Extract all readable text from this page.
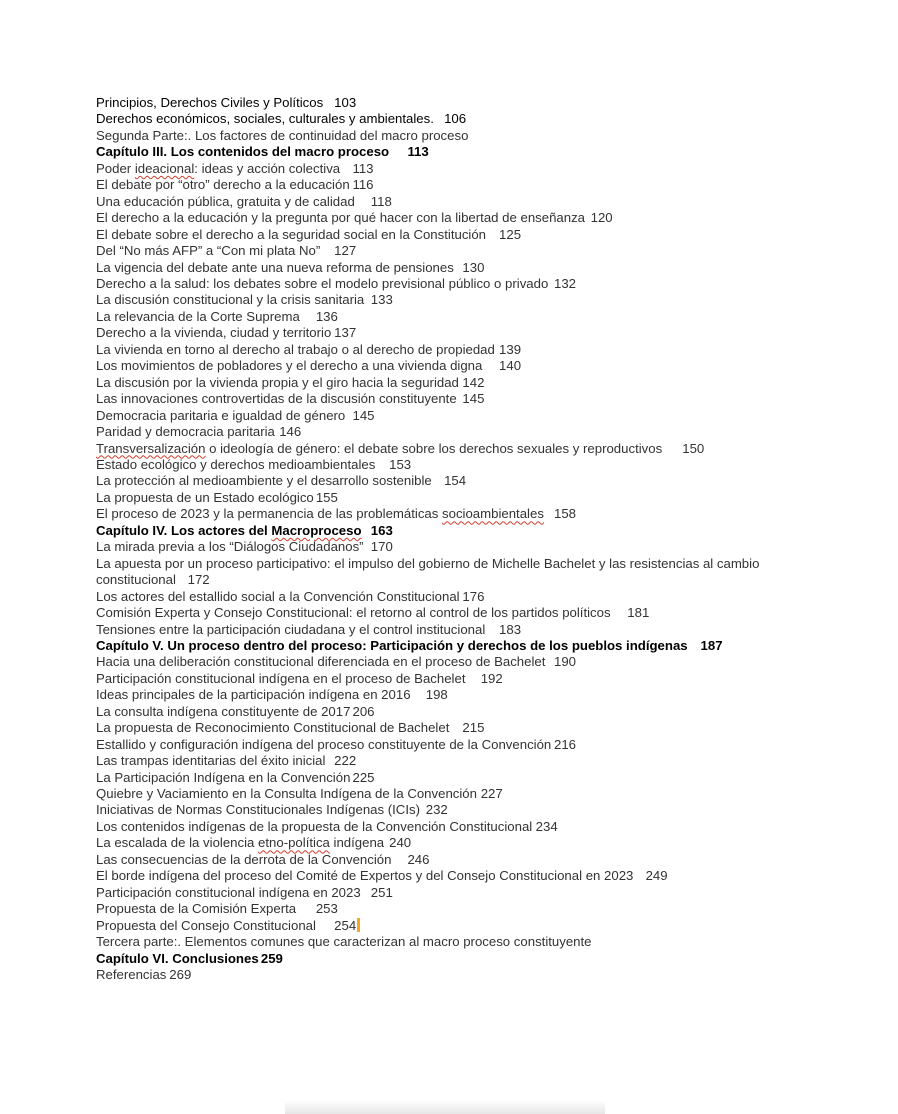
Principios, Derechos Civiles y Políticos	103

Derechos económicos, sociales, culturales y ambientales.	106

Segunda Parte:. Los factores de continuidad del macro proceso

Capítulo III. Los contenidos del macro proceso	113

Poder ideacional: ideas y acción colectiva	113

El debate por “otro” derecho a la educación	116

Una educación pública, gratuita y de calidad	118

El derecho a la educación y la pregunta por qué hacer con la libertad de enseñanza	120

El debate sobre el derecho a la seguridad social en la Constitución	125

Del “No más AFP” a “Con mi plata No”	127

La vigencia del debate ante una nueva reforma de pensiones	130

Derecho a la salud: los debates sobre el modelo previsional público o privado	132

La discusión constitucional y la crisis sanitaria	133

La relevancia de la Corte Suprema	136

Derecho a la vivienda, ciudad y territorio	137

La vivienda en torno al derecho al trabajo o al derecho de propiedad	139

Los movimientos de pobladores y el derecho a una vivienda digna	140

La discusión por la vivienda propia y el giro hacia la seguridad	142

Las innovaciones controvertidas de la discusión constituyente	145

Democracia paritaria e igualdad de género	145

Paridad y democracia paritaria	146

Transversalización o ideología de género: el debate sobre los derechos sexuales y reproductivos	150

Estado ecológico y derechos medioambientales	153

La protección al medioambiente y el desarrollo sostenible	154

La propuesta de un Estado ecológico	155

El proceso de 2023 y la permanencia de las problemáticas socioambientales	158

Capítulo IV. Los actores del Macroproceso	163

La mirada previa a los “Diálogos Ciudadanos”	170

La apuesta por un proceso participativo: el impulso del gobierno de Michelle Bachelet y las resistencias al cambio

constitucional	172

Los actores del estallido social a la Convención Constitucional	176

Comisión Experta y Consejo Constitucional: el retorno al control de los partidos políticos	181

Tensiones entre la participación ciudadana y el control institucional	183

Capítulo V. Un proceso dentro del proceso: Participación y derechos de los pueblos indígenas	187

Hacia una deliberación constitucional diferenciada en el proceso de Bachelet	190

Participación constitucional indígena en el proceso de Bachelet	192

Ideas principales de la participación indígena en 2016	198

La consulta indígena constituyente de 2017	206

La propuesta de Reconocimiento Constitucional de Bachelet	215

Estallido y configuración indígena del proceso constituyente de la Convención	216

Las trampas identitarias del éxito inicial	222

La Participación Indígena en la Convención	225

Quiebre y Vaciamiento en la Consulta Indígena de la Convención	227

Iniciativas de Normas Constitucionales Indígenas (ICIs)	232

Los contenidos indígenas de la propuesta de la Convención Constitucional	234

La escalada de la violencia etno-política indígena	240

Las consecuencias de la derrota de la Convención	246

El borde indígena del proceso del Comité de Expertos y del Consejo Constitucional en 2023	249

Participación constitucional indígena en 2023	251

Propuesta de la Comisión Experta	253

Propuesta del Consejo Constitucional	254

Tercera parte:. Elementos comunes que caracterizan al macro proceso constituyente

Capítulo VI. Conclusiones	259

Referencias	269
